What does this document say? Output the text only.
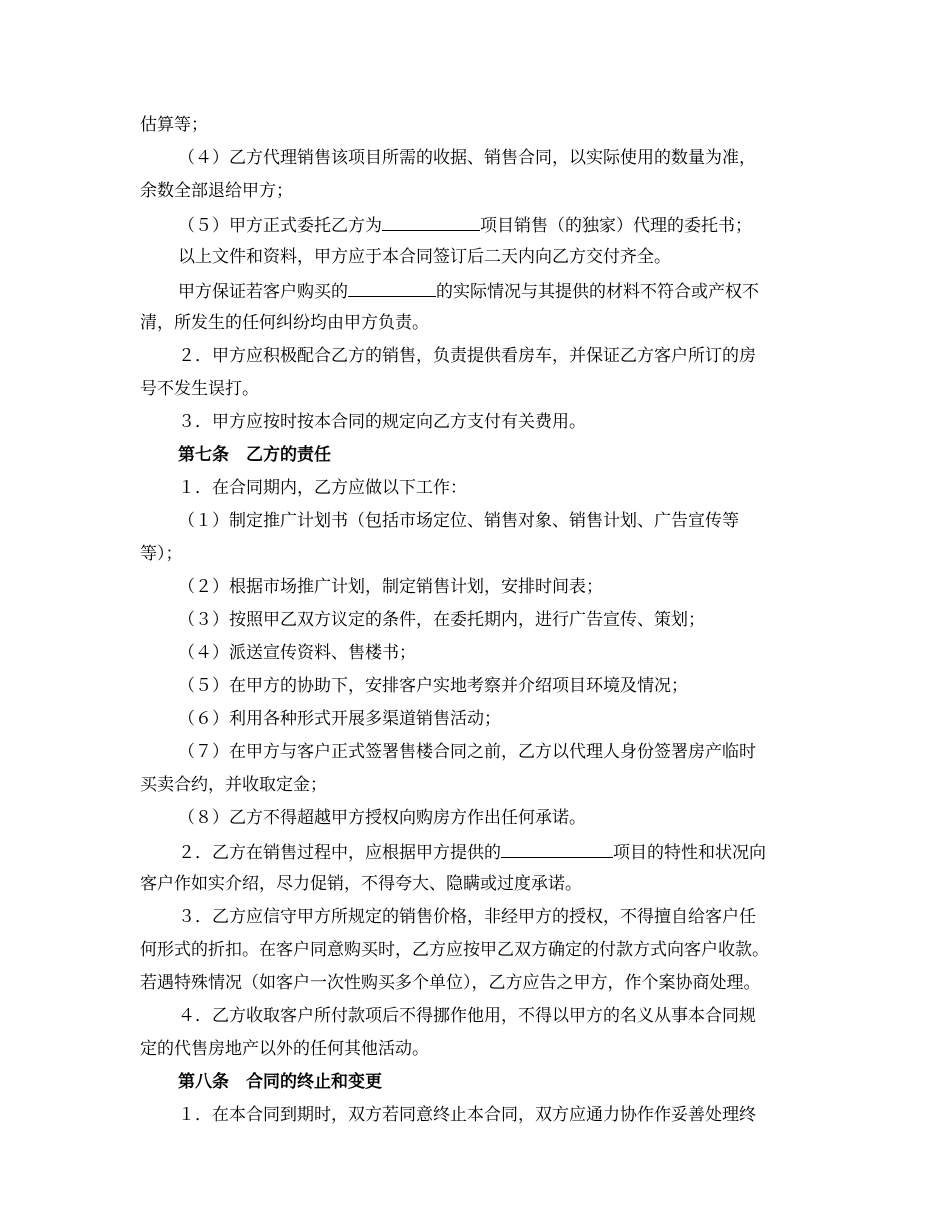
估算等；
（４）乙方代理销售该项目所需的收据、销售合同，以实际使用的数量为准，
余数全部退给甲方；
（５）甲方正式委托乙方为	项目销售（的独家）代理的委托书；
以上文件和资料，甲方应于本合同签订后二天内向乙方交付齐全。
甲方保证若客户购买的	的实际情况与其提供的材料不符合或产权不
清，所发生的任何纠纷均由甲方负责。
２．甲方应积极配合乙方的销售，负责提供看房车，并保证乙方客户所订的房
号不发生误打。
３．甲方应按时按本合同的规定向乙方支付有关费用。
第七条　乙方的责任
１．在合同期内，乙方应做以下工作：
（１）制定推广计划书（包括市场定位、销售对象、销售计划、广告宣传等
等）；
（２）根据市场推广计划，制定销售计划，安排时间表；
（３）按照甲乙双方议定的条件，在委托期内，进行广告宣传、策划；
（４）派送宣传资料、售楼书；
（５）在甲方的协助下，安排客户实地考察并介绍项目环境及情况；
（６）利用各种形式开展多渠道销售活动；
（７）在甲方与客户正式签署售楼合同之前，乙方以代理人身份签署房产临时
买卖合约，并收取定金；
（８）乙方不得超越甲方授权向购房方作出任何承诺。
２．乙方在销售过程中，应根据甲方提供的	项目的特性和状况向
客户作如实介绍，尽力促销，不得夸大、隐瞒或过度承诺。
３．乙方应信守甲方所规定的销售价格，非经甲方的授权，不得擅自给客户任
何形式的折扣。在客户同意购买时，乙方应按甲乙双方确定的付款方式向客户收款。
若遇特殊情况（如客户一次性购买多个单位），乙方应告之甲方，作个案协商处理。
４．乙方收取客户所付款项后不得挪作他用，不得以甲方的名义从事本合同规
定的代售房地产以外的任何其他活动。
第八条　合同的终止和变更
１．在本合同到期时，双方若同意终止本合同，双方应通力协作作妥善处理终
